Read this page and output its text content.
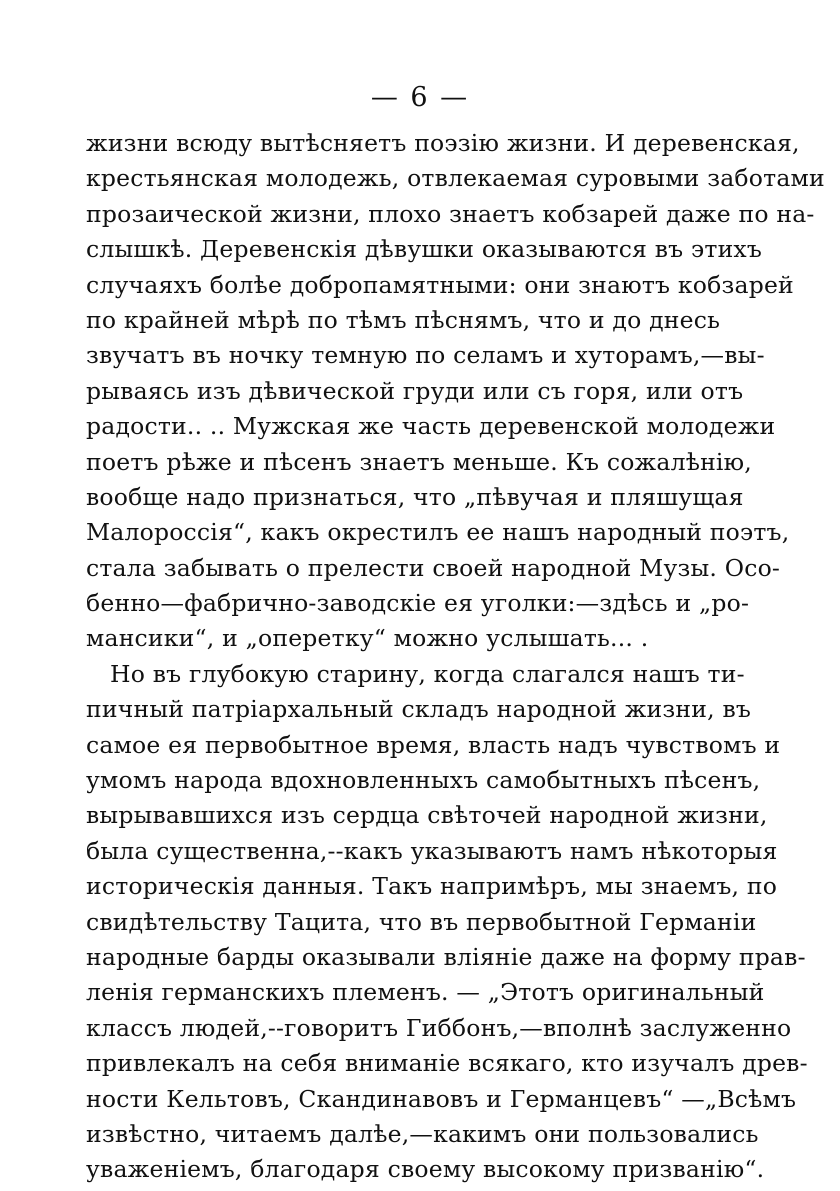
— 6 —
жизни всюду вытѣсняетъ поэзію жизни. И деревенская,
крестьянская молодежь, отвлекаемая суровыми заботами
прозаической жизни, плохо знаетъ кобзарей даже по на-
слышкѣ. Деревенскія дѣвушки оказываются въ этихъ
случаяхъ болѣе добропамятными: они знаютъ кобзарей
по крайней мѣрѣ по тѣмъ пѣснямъ, что и до днесь
звучатъ въ ночку темную по селамъ и хуторамъ,—вы-
рываясь изъ дѣвической груди или съ горя, или отъ
радости.. .. Мужская же часть деревенской молодежи
поетъ рѣже и пѣсенъ знаетъ меньше. Къ сожалѣнію,
вообще надо признаться, что „пѣвучая и пляшущая
Малороссія“, какъ окрестилъ ее нашъ народный поэтъ,
стала забывать о прелести своей народной Музы. Осо-
бенно—фабрично-заводскіе ея уголки:—здѣсь и „ро-
мансики“, и „оперетку“ можно услышать... .
Но въ глубокую старину, когда слагался нашъ ти-
пичный патріархальный складъ народной жизни, въ
самое ея первобытное время, власть надъ чувствомъ и
умомъ народа вдохновленныхъ самобытныхъ пѣсенъ,
вырывавшихся изъ сердца свѣточей народной жизни,
была существенна,--какъ указываютъ намъ нѣкоторыя
историческія данныя. Такъ напримѣръ, мы знаемъ, по
свидѣтельству Тацита, что въ первобытной Германіи
народные барды оказывали вліяніе даже на форму прав-
ленія германскихъ племенъ. — „Этотъ оригинальный
классъ людей,--говоритъ Гиббонъ,—вполнѣ заслуженно
привлекалъ на себя вниманіе всякаго, кто изучалъ древ-
ности Кельтовъ, Скандинавовъ и Германцевъ“ —„Всѣмъ
извѣстно, читаемъ далѣе,—какимъ они пользовались
уваженіемъ, благодаря своему высокому призванію“.
